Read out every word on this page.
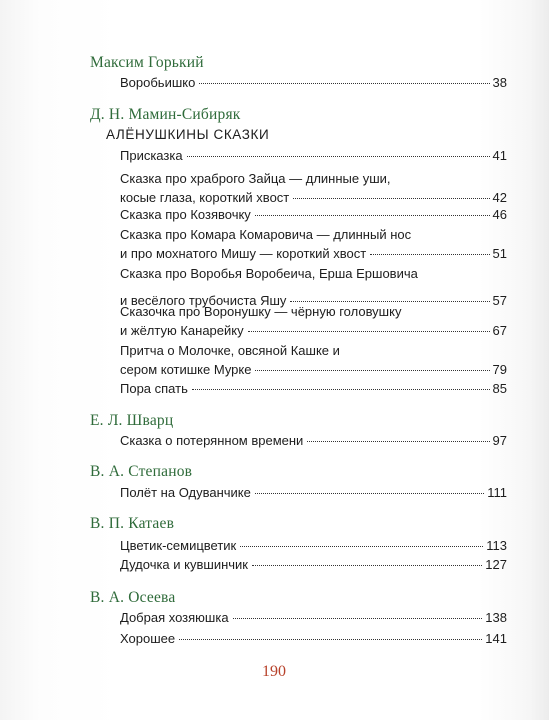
Максим Горький
Воробьишко	38
Д. Н. Мамин-Сибиряк
АЛЁНУШКИНЫ СКАЗКИ
Присказка	41
Сказка про храброго Зайца — длинные уши,
косые глаза, короткий хвост	42
Сказка про Козявочку	46
Сказка про Комара Комаровича — длинный нос
и про мохнатого Мишу — короткий хвост	51
Сказка про Воробья Воробеича, Ерша Ершовича
и весёлого трубочиста Яшу	57
Сказочка про Воронушку — чёрную головушку
и жёлтую Канарейку	67
Притча о Молочке, овсяной Кашке и
сером котишке Мурке	79
Пора спать	85
Е. Л. Шварц
Сказка о потерянном времени	97
В. А. Степанов
Полёт на Одуванчике	111
В. П. Катаев
Цветик-семицветик	113
Дудочка и кувшинчик	127
В. А. Осеева
Добрая хозяюшка	138
Хорошее	141
190
